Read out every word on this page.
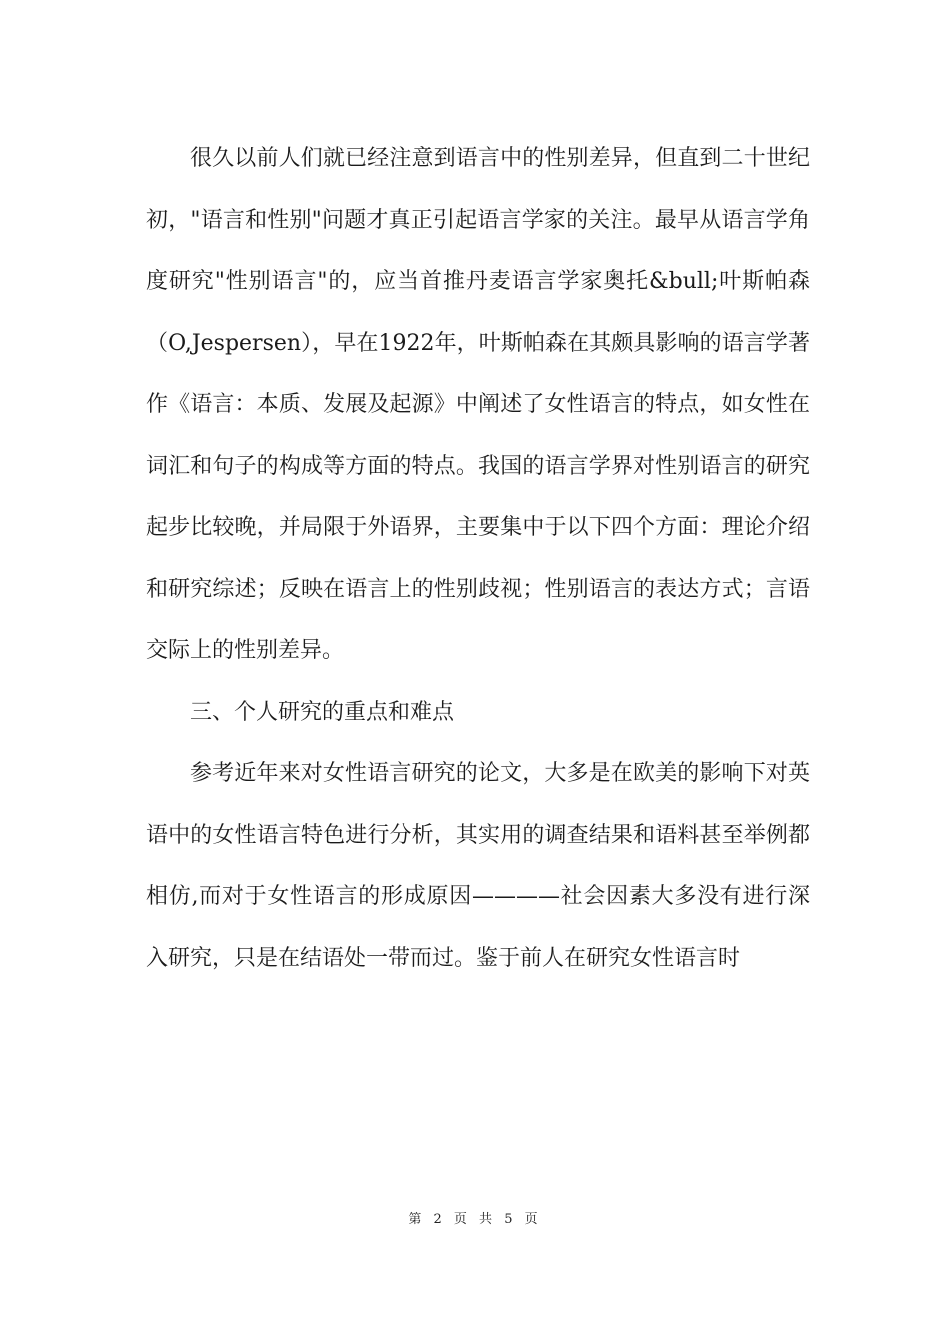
很久以前人们就已经注意到语言中的性别差异，但直到二十世纪初，"语言和性别"问题才真正引起语言学家的关注。最早从语言学角度研究"性别语言"的，应当首推丹麦语言学家奥托&bull;叶斯帕森（O,Jespersen），早在1922年，叶斯帕森在其颇具影响的语言学著作《语言：本质、发展及起源》中阐述了女性语言的特点，如女性在词汇和句子的构成等方面的特点。我国的语言学界对性别语言的研究起步比较晚，并局限于外语界，主要集中于以下四个方面：理论介绍和研究综述；反映在语言上的性别歧视；性别语言的表达方式；言语交际上的性别差异。

三、个人研究的重点和难点

参考近年来对女性语言研究的论文，大多是在欧美的影响下对英语中的女性语言特色进行分析，其实用的调查结果和语料甚至举例都相仿,而对于女性语言的形成原因————社会因素大多没有进行深入研究，只是在结语处一带而过。鉴于前人在研究女性语言时

第 2 页 共 5 页
